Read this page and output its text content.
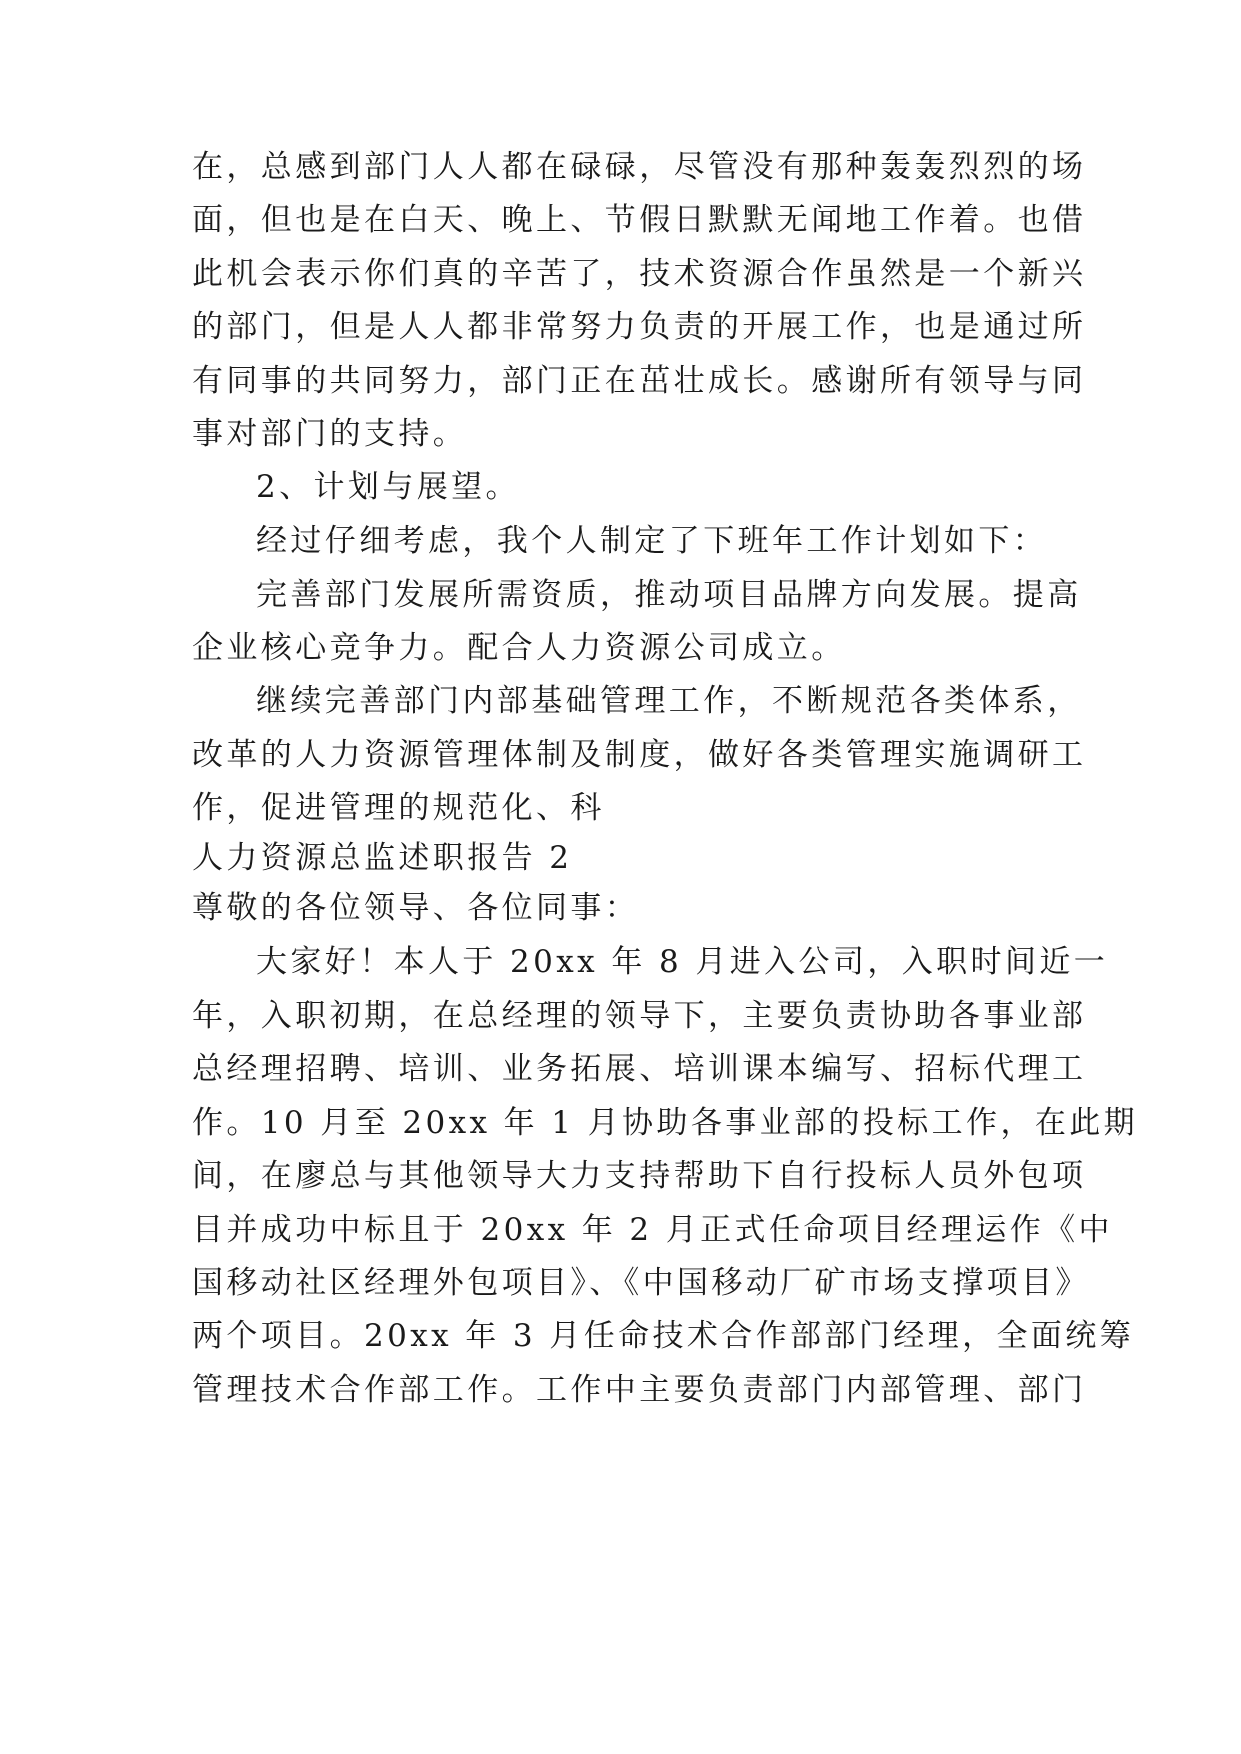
在，总感到部门人人都在碌碌，尽管没有那种轰轰烈烈的场
面，但也是在白天、晚上、节假日默默无闻地工作着。也借
此机会表示你们真的辛苦了，技术资源合作虽然是一个新兴
的部门，但是人人都非常努力负责的开展工作，也是通过所
有同事的共同努力，部门正在茁壮成长。感谢所有领导与同
事对部门的支持。
2、计划与展望。
经过仔细考虑，我个人制定了下班年工作计划如下：
完善部门发展所需资质，推动项目品牌方向发展。提高
企业核心竞争力。配合人力资源公司成立。
继续完善部门内部基础管理工作，不断规范各类体系，
改革的人力资源管理体制及制度，做好各类管理实施调研工
作，促进管理的规范化、科
人力资源总监述职报告 2
尊敬的各位领导、各位同事：
大家好！本人于 20xx 年 8 月进入公司，入职时间近一
年，入职初期，在总经理的领导下，主要负责协助各事业部
总经理招聘、培训、业务拓展、培训课本编写、招标代理工
作。10 月至 20xx 年 1 月协助各事业部的投标工作，在此期
间，在廖总与其他领导大力支持帮助下自行投标人员外包项
目并成功中标且于 20xx 年 2 月正式任命项目经理运作《中
国移动社区经理外包项目》、《中国移动厂矿市场支撑项目》
两个项目。20xx 年 3 月任命技术合作部部门经理，全面统筹
管理技术合作部工作。工作中主要负责部门内部管理、部门
